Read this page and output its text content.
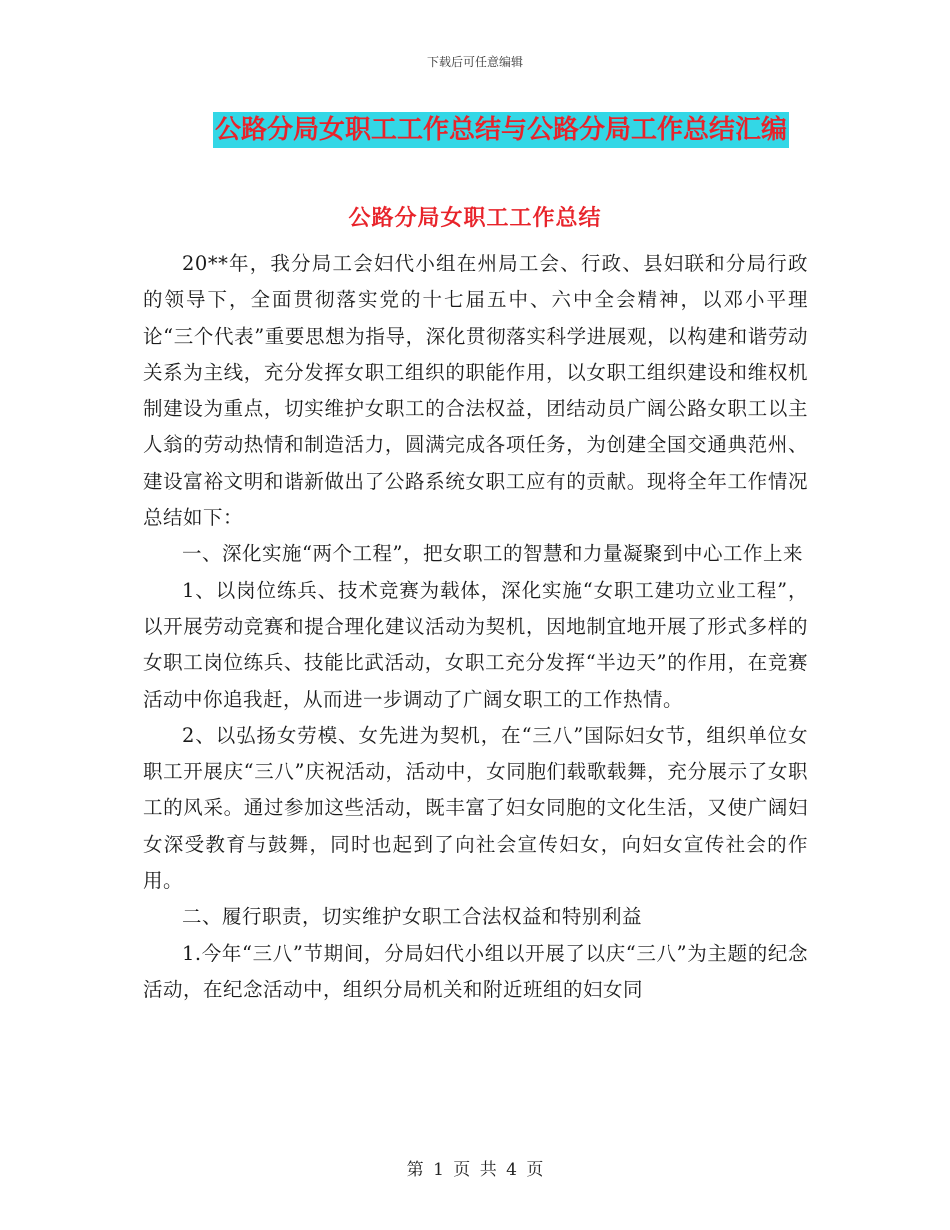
下载后可任意编辑
公路分局女职工工作总结与公路分局工作总结汇编
公路分局女职工工作总结

20**年，我分局工会妇代小组在州局工会、行政、县妇联和分局行政的领导下，全面贯彻落实党的十七届五中、六中全会精神，以邓小平理论“三个代表”重要思想为指导，深化贯彻落实科学进展观，以构建和谐劳动关系为主线，充分发挥女职工组织的职能作用，以女职工组织建设和维权机制建设为重点，切实维护女职工的合法权益，团结动员广阔公路女职工以主人翁的劳动热情和制造活力，圆满完成各项任务，为创建全国交通典范州、建设富裕文明和谐新做出了公路系统女职工应有的贡献。现将全年工作情况总结如下：

一、深化实施“两个工程”，把女职工的智慧和力量凝聚到中心工作上来

1、以岗位练兵、技术竞赛为载体，深化实施“女职工建功立业工程”，以开展劳动竞赛和提合理化建议活动为契机，因地制宜地开展了形式多样的女职工岗位练兵、技能比武活动，女职工充分发挥“半边天”的作用，在竞赛活动中你追我赶，从而进一步调动了广阔女职工的工作热情。

2、以弘扬女劳模、女先进为契机，在“三八”国际妇女节，组织单位女职工开展庆“三八”庆祝活动，活动中，女同胞们载歌载舞，充分展示了女职工的风采。通过参加这些活动，既丰富了妇女同胞的文化生活，又使广阔妇女深受教育与鼓舞，同时也起到了向社会宣传妇女，向妇女宣传社会的作用。

二、履行职责，切实维护女职工合法权益和特别利益

1.今年“三八”节期间，分局妇代小组以开展了以庆“三八”为主题的纪念活动，在纪念活动中，组织分局机关和附近班组的妇女同

第 1 页 共 4 页
